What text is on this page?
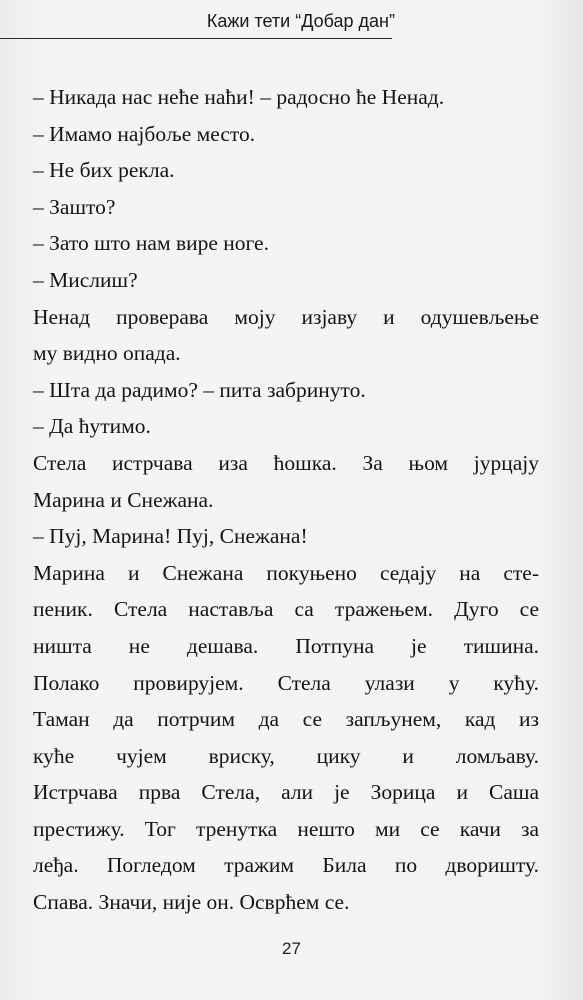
Кажи тети “Добар дан”
– Никада нас неће наћи! – радосно ће Ненад.
– Имамо најбоље место.
– Не бих рекла.
– Зашто?
– Зато што нам вире ноге.
– Мислиш?
Ненад проверава моју изјаву и одушевљење
му видно опада.
– Шта да радимо? – пита забринуто.
– Да ћутимо.
Стела истрчава иза ћошка. За њом јурцају
Марина и Снежана.
– Пуј, Марина! Пуј, Снежана!
Марина и Снежана покуњено седају на сте-
пеник. Стела наставља са тражењем. Дуго се
ништа не дешава. Потпуна је тишина.
Полако провирујем. Стела улази у кућу.
Таман да потрчим да се запљунем, кад из
куће чујем вриску, цику и ломљаву.
Истрчава прва Стела, али је Зорица и Саша
престижу. Тог тренутка нешто ми се качи за
леђа. Погледом тражим Била по дворишту.
Спава. Значи, није он. Осврћем се.
27
